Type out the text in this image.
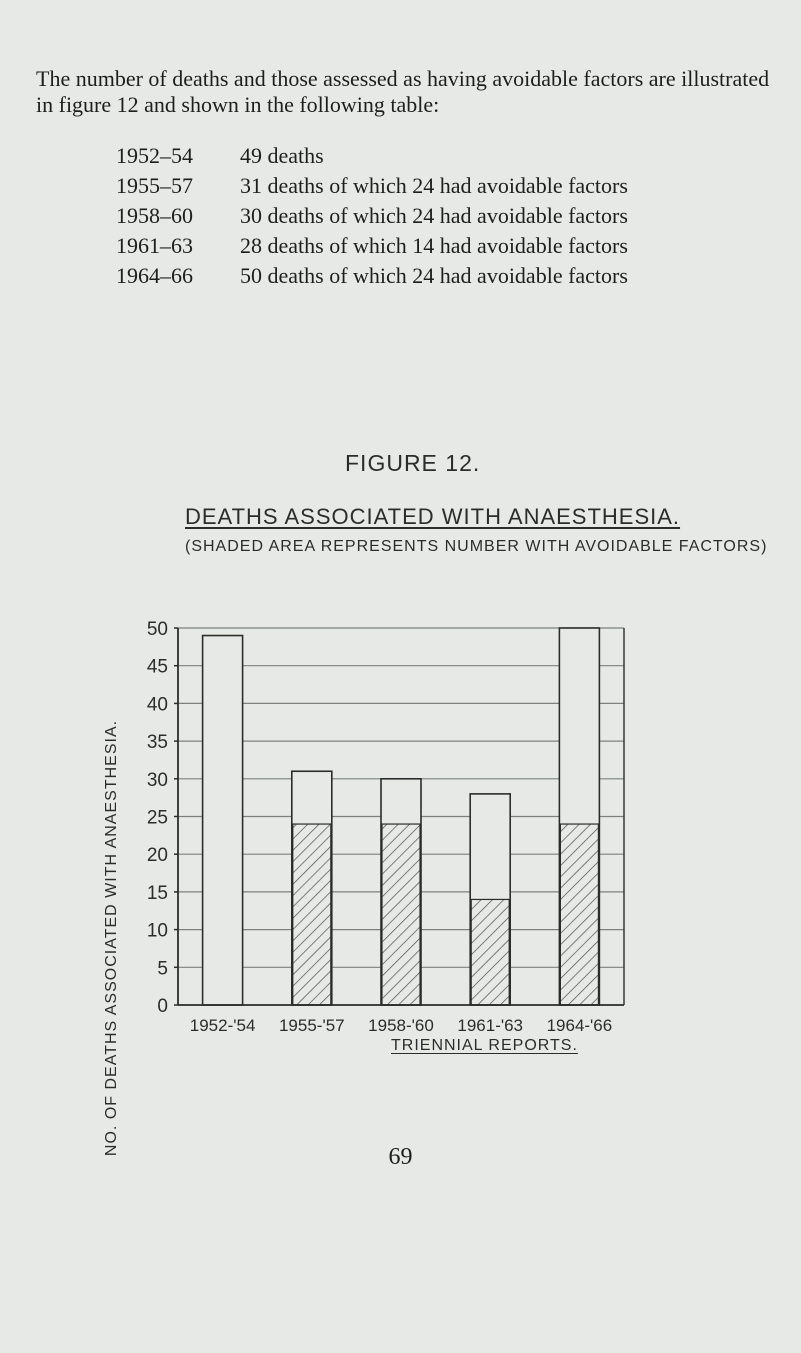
The number of deaths and those assessed as having avoidable factors are illustrated in figure 12 and shown in the following table:

1952–54	49 deaths
1955–57	31 deaths of which 24 had avoidable factors
1958–60	30 deaths of which 24 had avoidable factors
1961–63	28 deaths of which 14 had avoidable factors
1964–66	50 deaths of which 24 had avoidable factors

FIGURE 12.

DEATHS ASSOCIATED WITH ANAESTHESIA.

(SHADED AREA REPRESENTS NUMBER WITH AVOIDABLE FACTORS)

0
5
10
15
20
25
30
35
40
45
50
1952-'54 1955-'57 1958-'60 1961-'63 1964-'66

NO. OF DEATHS ASSOCIATED WITH ANAESTHESIA.	TRIENNIAL REPORTS.

69
